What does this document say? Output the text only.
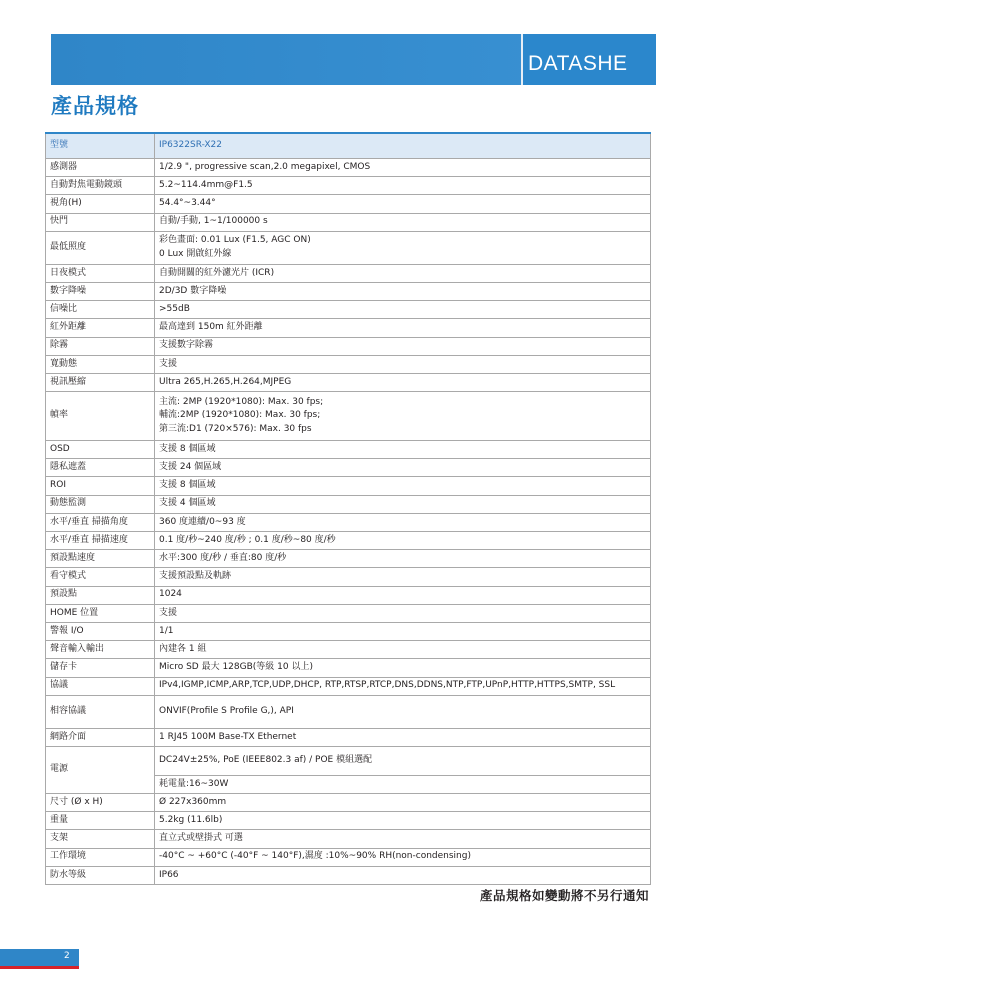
DATASHE
產品規格
型號	IP6322SR-X22
感測器	1/2.9 ", progressive scan,2.0 megapixel, CMOS

自動對焦電動鏡頭	5.2~114.4mm@F1.5

視角(H)	54.4°~3.44°

快門	自動/手動, 1~1/100000 s

最低照度	彩色畫面: 0.01 Lux (F1.5, AGC ON)
0 Lux 開啟紅外線

日夜模式	自動開關的紅外濾光片 (ICR)

數字降噪	2D/3D 數字降噪

信噪比	>55dB

紅外距離	最高達到 150m 紅外距離

除霧	支援數字除霧

寬動態	支援

視訊壓縮	Ultra 265,H.265,H.264,MJPEG

幀率	主流: 2MP (1920*1080): Max. 30 fps;
輔流:2MP (1920*1080): Max. 30 fps;
第三流:D1 (720×576): Max. 30 fps

OSD	支援 8 個區域

隱私遮蓋	支援 24 個區域

ROI	支援 8 個區域

動態監測	支援 4 個區域

水平/垂直 掃描角度	360 度連續/0~93 度

水平/垂直 掃描速度	0.1 度/秒~240 度/秒 ; 0.1 度/秒~80 度/秒

預設點速度	水平:300 度/秒 / 垂直:80 度/秒

看守模式	支援預設點及軌跡

預設點	1024

HOME 位置	支援

警報 I/O	1/1

聲音輸入輸出	內建各 1 組

儲存卡	Micro SD 最大 128GB(等級 10 以上)

協議	IPv4,IGMP,ICMP,ARP,TCP,UDP,DHCP, RTP,RTSP,RTCP,DNS,DDNS,NTP,FTP,UPnP,HTTP,HTTPS,SMTP, SSL

相容協議	ONVIF(Profile S Profile G,), API

網路介面	1 RJ45 100M Base-TX Ethernet

電源	DC24V±25%, PoE (IEEE802.3 af) / POE 模組選配
	耗電量:16~30W
尺寸 (Ø x H)	Ø 227x360mm

重量	5.2kg (11.6lb)

支架	直立式或壁掛式 可選

工作環境	-40°C ~ +60°C (-40°F ~ 140°F),濕度 :10%~90% RH(non-condensing)

防水等級	IP66
產品規格如變動將不另行通知
2
